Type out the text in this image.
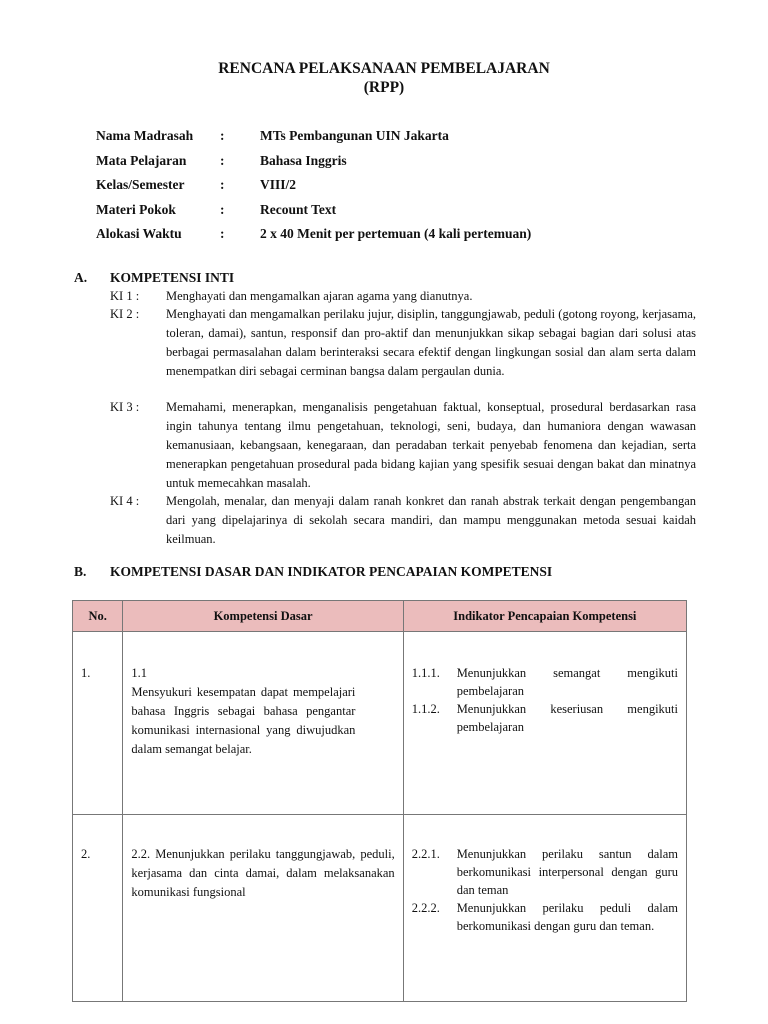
RENCANA PELAKSANAAN PEMBELAJARAN
(RPP)
Nama Madrasah :	MTs Pembangunan UIN Jakarta
Mata Pelajaran :	Bahasa Inggris
Kelas/Semester	:	VIII/2
Materi Pokok	:	Recount Text
Alokasi Waktu	:	2 x 40 Menit per pertemuan (4 kali pertemuan)
A. KOMPETENSI INTI
KI 1 : Menghayati dan mengamalkan ajaran agama yang dianutnya.
KI 2 : Menghayati dan mengamalkan perilaku jujur, disiplin, tanggungjawab, peduli (gotong royong, kerjasama, toleran, damai), santun, responsif dan pro-aktif dan menunjukkan sikap sebagai bagian dari solusi atas berbagai permasalahan dalam berinteraksi secara efektif dengan lingkungan sosial dan alam serta dalam menempatkan diri sebagai cerminan bangsa dalam pergaulan dunia.
KI 3 : Memahami, menerapkan, menganalisis pengetahuan faktual, konseptual, prosedural berdasarkan rasa ingin tahunya tentang ilmu pengetahuan, teknologi, seni, budaya, dan humaniora dengan wawasan kemanusiaan, kebangsaan, kenegaraan, dan peradaban terkait penyebab fenomena dan kejadian, serta menerapkan pengetahuan prosedural pada bidang kajian yang spesifik sesuai dengan bakat dan minatnya untuk memecahkan masalah.
KI 4 : Mengolah, menalar, dan menyaji dalam ranah konkret dan ranah abstrak terkait dengan pengembangan dari yang dipelajarinya di sekolah secara mandiri, dan mampu menggunakan metoda sesuai kaidah keilmuan.
B. KOMPETENSI DASAR DAN INDIKATOR PENCAPAIAN KOMPETENSI
No.	Kompetensi Dasar	Indikator Pencapaian Kompetensi
1.	1.1Mensyukuri kesempatan dapat mempelajari bahasa Inggris sebagai bahasa pengantar komunikasi internasional yang diwujudkan dalam semangat belajar.	1.1.1. Menunjukkan semangat mengikuti pembelajaran
1.1.2. Menunjukkan keseriusan mengikuti pembelajaran

2.	2.2. Menunjukkan perilaku tanggungjawab, peduli, kerjasama dan cinta damai, dalam melaksanakan komunikasi fungsional	2.2.1. Menunjukkan perilaku santun dalam berkomunikasi interpersonal dengan guru dan teman
2.2.2. Menunjukkan perilaku peduli dalam berkomunikasi dengan guru dan teman.
